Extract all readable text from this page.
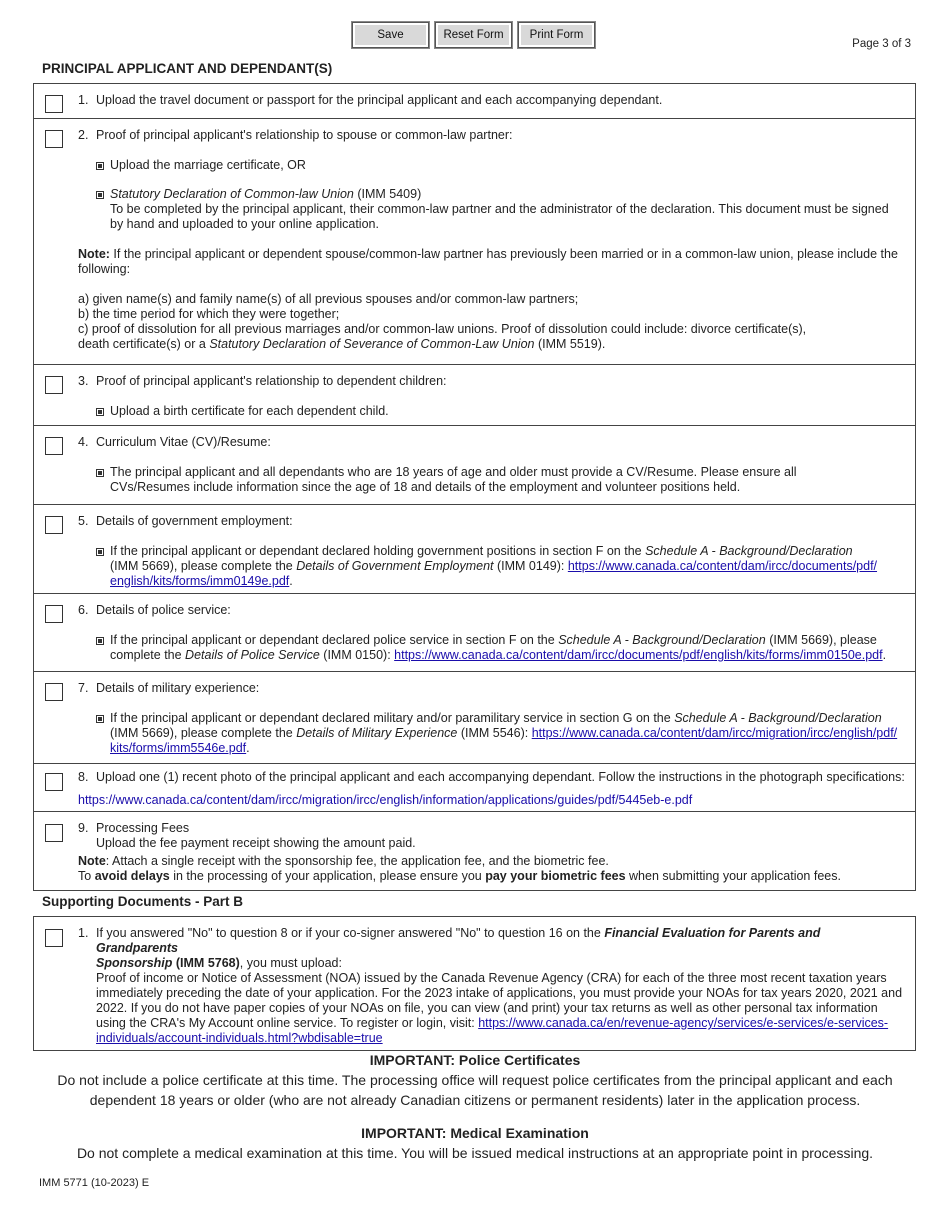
Save	Reset Form	Print Form
Page 3 of 3
PRINCIPAL APPLICANT AND DEPENDANT(S)
1. Upload the travel document or passport for the principal applicant and each accompanying dependant.
2. Proof of principal applicant's relationship to spouse or common-law partner:
Upload the marriage certificate, OR
Statutory Declaration of Common-law Union (IMM 5409)
To be completed by the principal applicant, their common-law partner and the administrator of the declaration. This document must be signed by hand and uploaded to your online application.
Note: If the principal applicant or dependent spouse/common-law partner has previously been married or in a common-law union, please include the following:
a) given name(s) and family name(s) of all previous spouses and/or common-law partners;
b) the time period for which they were together;
c) proof of dissolution for all previous marriages and/or common-law unions. Proof of dissolution could include: divorce certificate(s),
death certificate(s) or a Statutory Declaration of Severance of Common-Law Union (IMM 5519).
3. Proof of principal applicant's relationship to dependent children:
Upload a birth certificate for each dependent child.
4. Curriculum Vitae (CV)/Resume:
The principal applicant and all dependants who are 18 years of age and older must provide a CV/Resume. Please ensure all
CVs/Resumes include information since the age of 18 and details of the employment and volunteer positions held.
5. Details of government employment:
If the principal applicant or dependant declared holding government positions in section F on the Schedule A - Background/Declaration
(IMM 5669), please complete the Details of Government Employment (IMM 0149): https://www.canada.ca/content/dam/ircc/documents/pdf/
english/kits/forms/imm0149e.pdf.
6. Details of police service:
If the principal applicant or dependant declared police service in section F on the Schedule A - Background/Declaration (IMM 5669), please
complete the Details of Police Service (IMM 0150): https://www.canada.ca/content/dam/ircc/documents/pdf/english/kits/forms/imm0150e.pdf.
7. Details of military experience:
If the principal applicant or dependant declared military and/or paramilitary service in section G on the Schedule A - Background/Declaration
(IMM 5669), please complete the Details of Military Experience (IMM 5546): https://www.canada.ca/content/dam/ircc/migration/ircc/english/pdf/
kits/forms/imm5546e.pdf.
8. Upload one (1) recent photo of the principal applicant and each accompanying dependant. Follow the instructions in the photograph specifications:
https://www.canada.ca/content/dam/ircc/migration/ircc/english/information/applications/guides/pdf/5445eb-e.pdf
9. Processing Fees
Upload the fee payment receipt showing the amount paid.
Note: Attach a single receipt with the sponsorship fee, the application fee, and the biometric fee.
To avoid delays in the processing of your application, please ensure you pay your biometric fees when submitting your application fees.
Supporting Documents - Part B
1. If you answered "No" to question 8 or if your co-signer answered "No" to question 16 on the Financial Evaluation for Parents and Grandparents
Sponsorship (IMM 5768), you must upload:
Proof of income or Notice of Assessment (NOA) issued by the Canada Revenue Agency (CRA) for each of the three most recent taxation years immediately preceding the date of your application. For the 2023 intake of applications, you must provide your NOAs for tax years 2020, 2021 and 2022. If you do not have paper copies of your NOAs on file, you can view (and print) your tax returns as well as other personal tax information using the CRA's My Account online service. To register or login, visit: https://www.canada.ca/en/revenue-agency/services/e-services/e-services-individuals/account-individuals.html?wbdisable=true
IMPORTANT: Police Certificates
Do not include a police certificate at this time. The processing office will request police certificates from the principal applicant and each dependent 18 years or older (who are not already Canadian citizens or permanent residents) later in the application process.
IMPORTANT: Medical Examination
Do not complete a medical examination at this time. You will be issued medical instructions at an appropriate point in processing.
IMM 5771 (10-2023) E
